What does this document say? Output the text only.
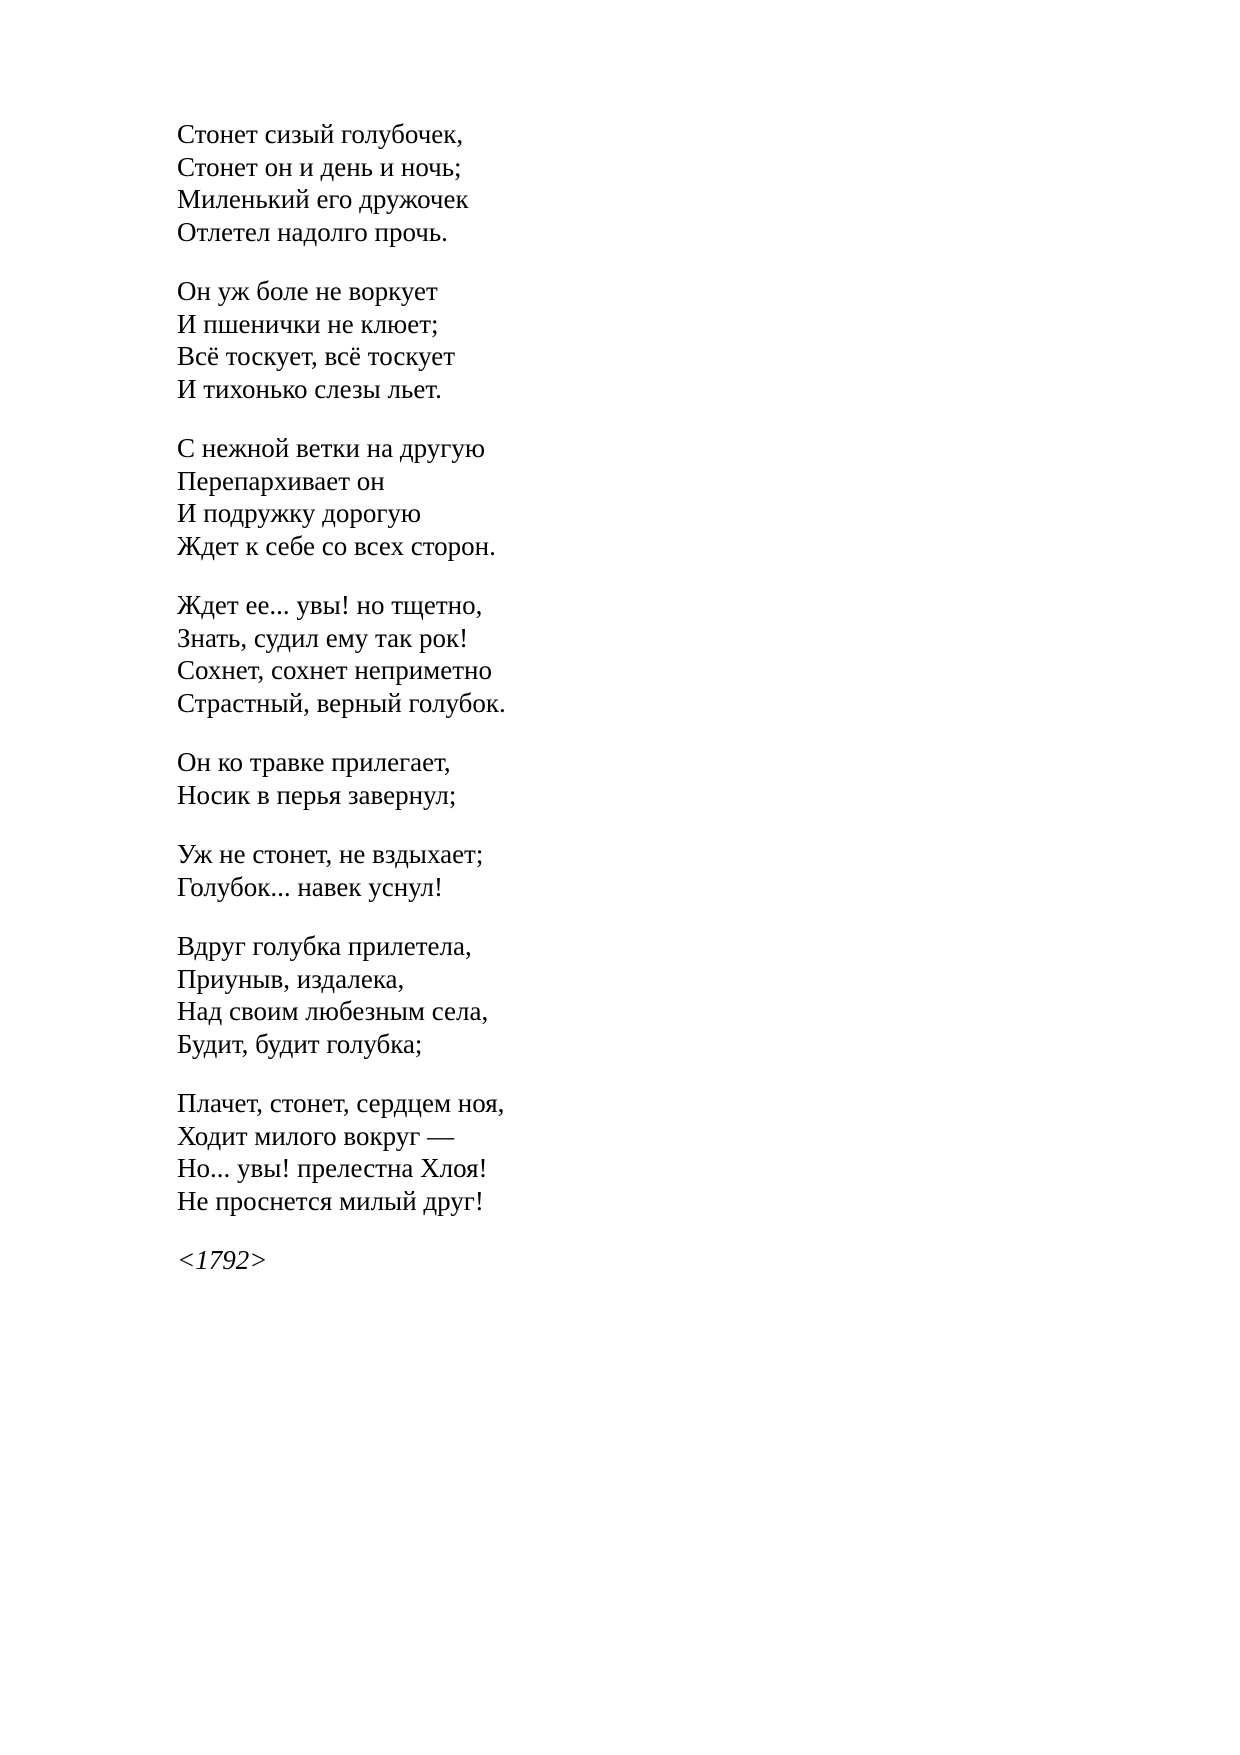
Стонет сизый голубочек,
Стонет он и день и ночь;
Миленький его дружочек
Отлетел надолго прочь.
Он уж боле не воркует
И пшенички не клюет;
Всё тоскует, всё тоскует
И тихонько слезы льет.
С нежной ветки на другую
Перепархивает он
И подружку дорогую
Ждет к себе со всех сторон.
Ждет ее... увы! но тщетно,
Знать, судил ему так рок!
Сохнет, сохнет неприметно
Страстный, верный голубок.
Он ко травке прилегает,
Носик в перья завернул;
Уж не стонет, не вздыхает;
Голубок... навек уснул!
Вдруг голубка прилетела,
Приуныв, издалека,
Над своим любезным села,
Будит, будит голубка;
Плачет, стонет, сердцем ноя,
Ходит милого вокруг —
Но... увы! прелестна Хлоя!
Не проснется милый друг!
<1792>
